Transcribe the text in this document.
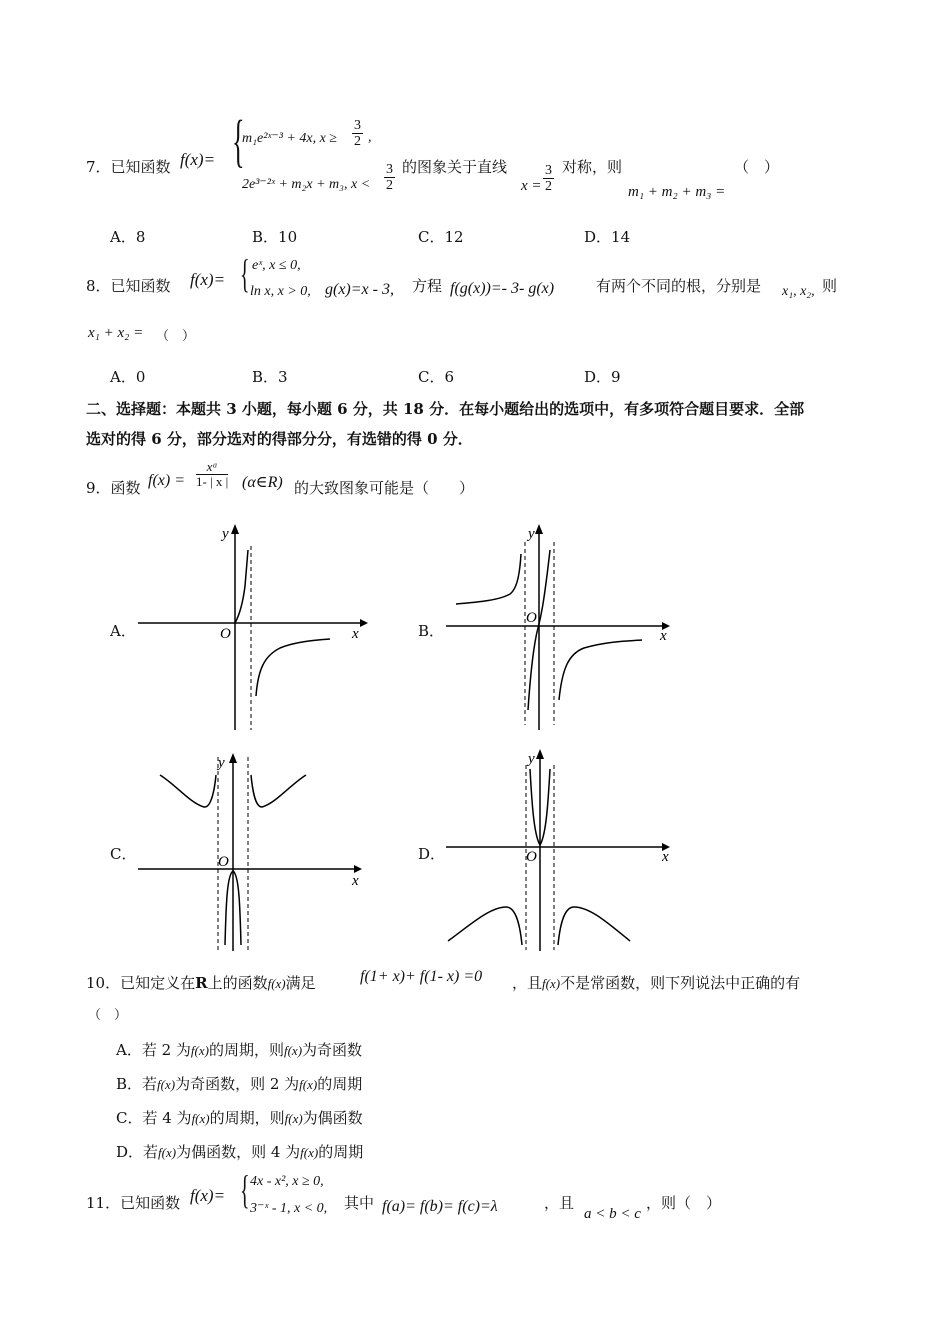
7．已知函数 f(x)= {
m₁e²ˣ⁻³ + 4x, $x \ge \frac{3}{2}$ ,
2e³⁻²ˣ + m₂x + m₃, $x < \frac{3}{2}$ 的图象关于直线
$x = \frac{3}{2}$ 对称，则
m₁ + m₂ + m₃ =
（　）
A．8	B．10	C．12	D．14
8．已知函数 f(x)= { eˣ, x ≤ 0,
ln x, x > 0, g(x)=x - 3, 方程 f(g(x))=- 3- g(x)	有两个不同的根，分别是 x₁, x₂, 则
x₁ + x₂ = （　）
A．0	B．3	C．6	D．9
二、选择题：本题共 3 小题，每小题 6 分，共 18 分．在每小题给出的选项中，有多项符合题目要求．全部
选对的得 6 分，部分选对的得部分分，有选错的得 0 分．
9．函数 $f(x) = \frac{\text{xᵅ}}{1- | x |}$ (α∈R) 的大致图象可能是（　　）
A．	x
y
O	B．	x
y
O
C．
x
y
O	D．	x
y
O
10．已知定义在R上的函数f(x)满足	f(1+ x)+ f(1- x) =0 ，且f(x)不是常函数，则下列说法中正确的有
（　）
A．若 2 为f(x)的周期，则f(x)为奇函数
B．若f(x)为奇函数，则 2 为f(x)的周期
C．若 4 为f(x)的周期，则f(x)为偶函数
D．若f(x)为偶函数，则 4 为f(x)的周期
11．已知函数 f(x)= { 4x - x², x ≥ 0,
3⁻ˣ - 1, x < 0, 其中 f(a)= f(b)= f(c)=λ	，且
a < b < c
，则（　）
